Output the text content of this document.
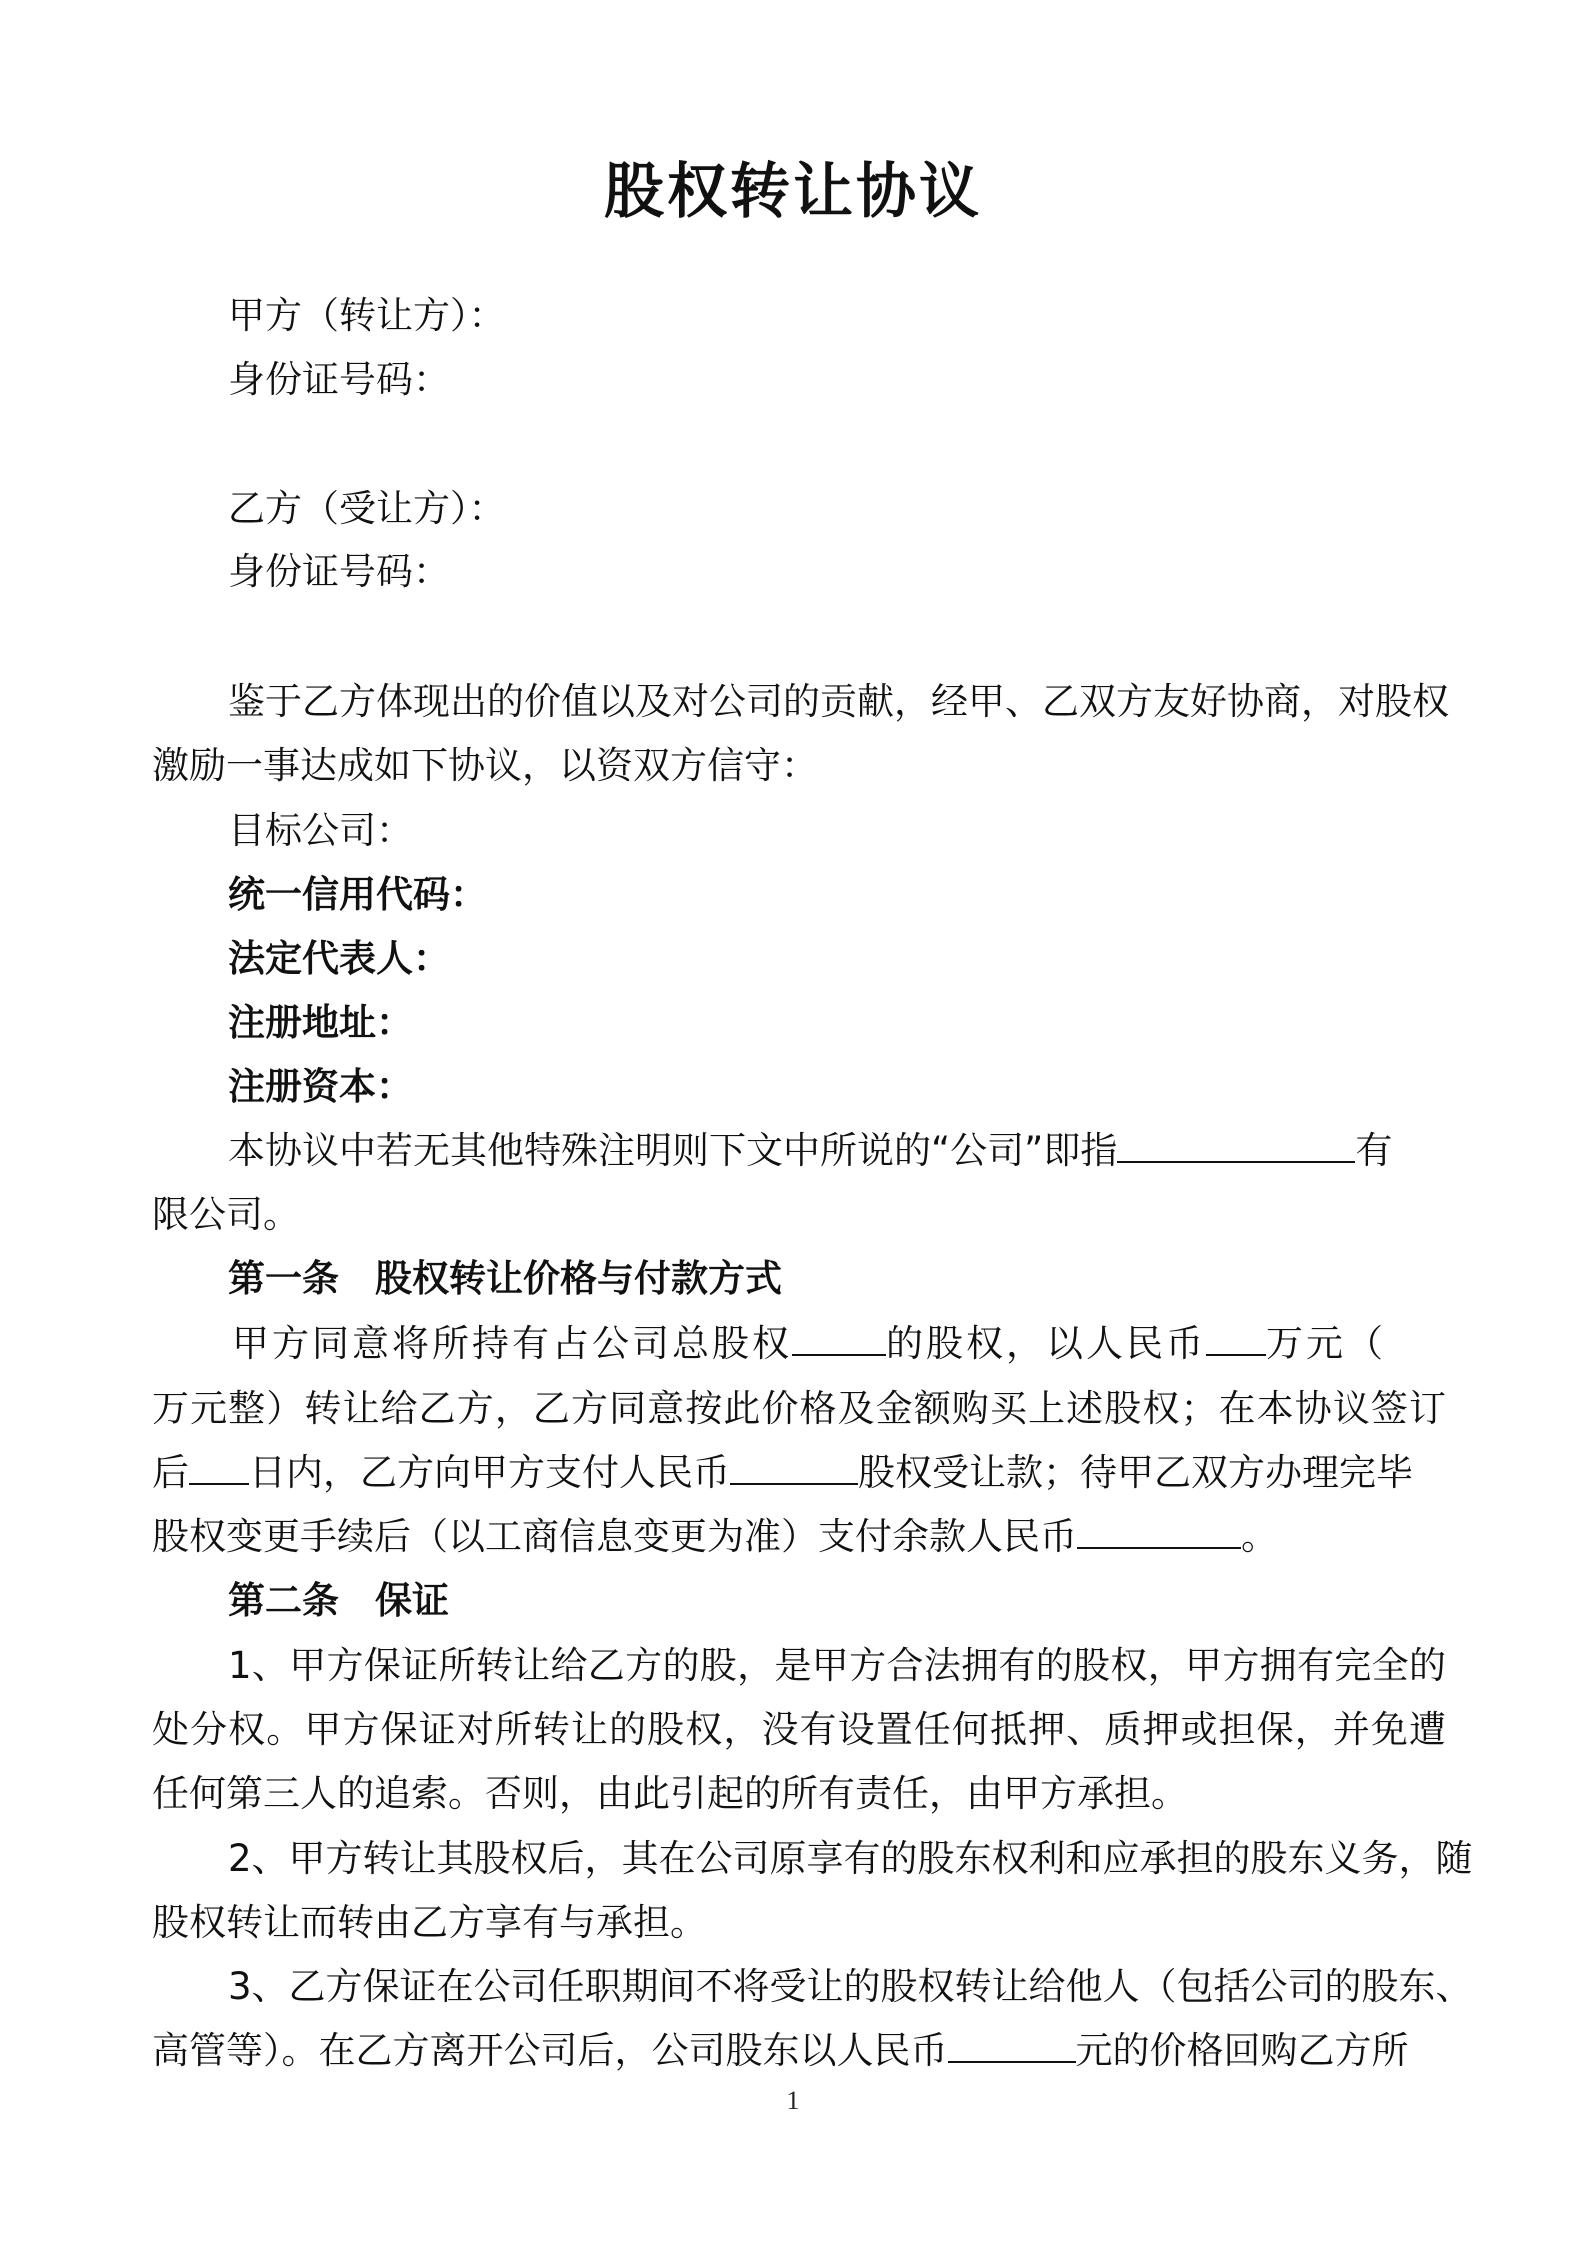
股权转让协议

甲方（转让方）：

身份证号码：

乙方（受让方）：

身份证号码：

鉴于乙方体现出的价值以及对公司的贡献，经甲、乙双方友好协商，对股权

激励一事达成如下协议，以资双方信守：

目标公司：

统一信用代码：

法定代表人：

注册地址：

注册资本：

本协议中若无其他特殊注明则下文中所说的“公司”即指	有

限公司。

第一条 股权转让价格与付款方式

甲方同意将所持有占公司总股权	的股权，以人民币 万元（

万元整）转让给乙方，乙方同意按此价格及金额购买上述股权；在本协议签订

后 日内，乙方向甲方支付人民币	股权受让款；待甲乙双方办理完毕

股权变更手续后（以工商信息变更为准）支付余款人民币	。

第二条 保证

1、甲方保证所转让给乙方的股，是甲方合法拥有的股权，甲方拥有完全的

处分权。甲方保证对所转让的股权，没有设置任何抵押、质押或担保，并免遭

任何第三人的追索。否则，由此引起的所有责任，由甲方承担。

2、甲方转让其股权后，其在公司原享有的股东权利和应承担的股东义务，随

股权转让而转由乙方享有与承担。

3、乙方保证在公司任职期间不将受让的股权转让给他人（包括公司的股东、

高管等）。在乙方离开公司后，公司股东以人民币	元的价格回购乙方所

1
